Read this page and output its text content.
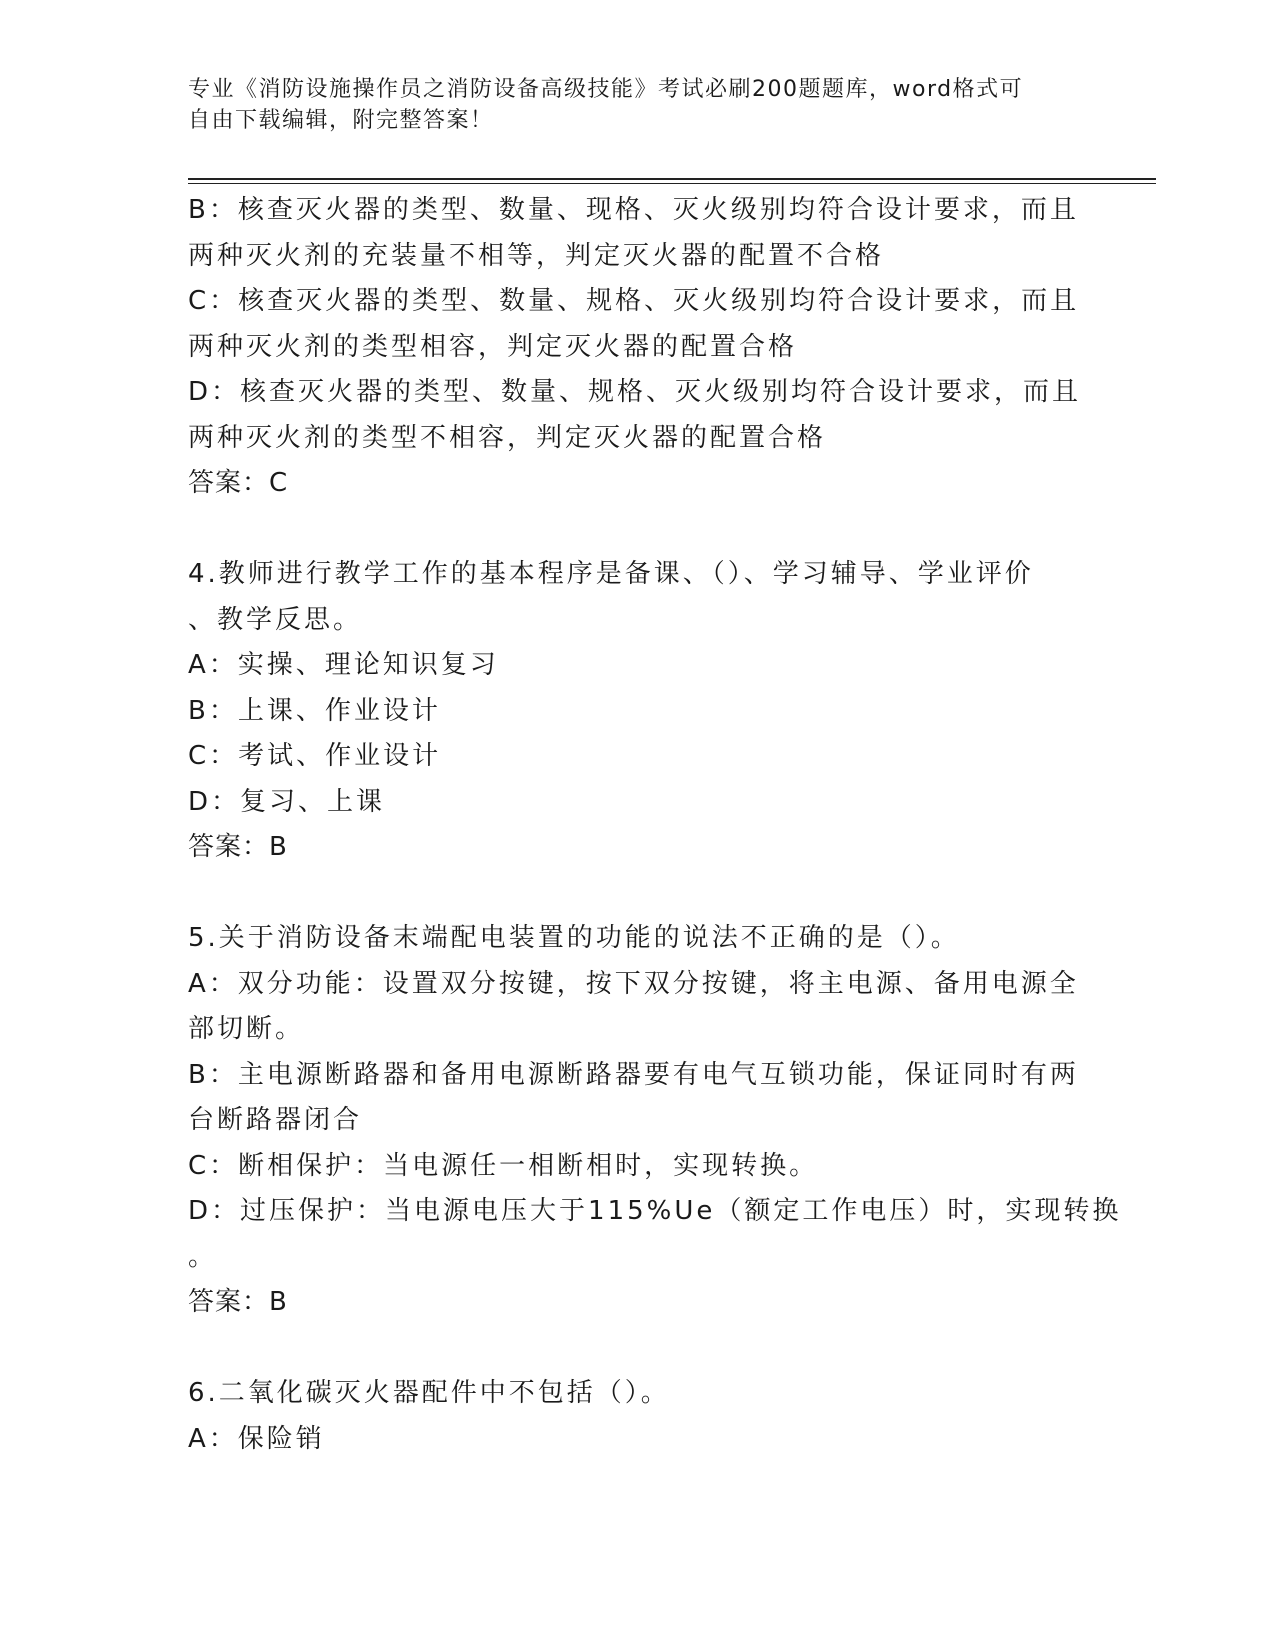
专业《消防设施操作员之消防设备高级技能》考试必刷200题题库，word格式可
自由下载编辑，附完整答案！
B：核查灭火器的类型、数量、现格、灭火级别均符合设计要求，而且
两种灭火剂的充装量不相等，判定灭火器的配置不合格
C：核查灭火器的类型、数量、规格、灭火级别均符合设计要求，而且
两种灭火剂的类型相容，判定灭火器的配置合格
D：核查灭火器的类型、数量、规格、灭火级别均符合设计要求，而且
两种灭火剂的类型不相容，判定灭火器的配置合格
答案：C
4.教师进行教学工作的基本程序是备课、（）、学习辅导、学业评价
、教学反思。
A：实操、理论知识复习
B：上课、作业设计
C：考试、作业设计
D：复习、上课
答案：B
5.关于消防设备末端配电装置的功能的说法不正确的是（）。
A：双分功能：设置双分按键，按下双分按键，将主电源、备用电源全
部切断。
B：主电源断路器和备用电源断路器要有电气互锁功能，保证同时有两
台断路器闭合
C：断相保护：当电源任一相断相时，实现转换。
D：过压保护：当电源电压大于115%Ue（额定工作电压）时，实现转换
。
答案：B
6.二氧化碳灭火器配件中不包括（）。
A：保险销
